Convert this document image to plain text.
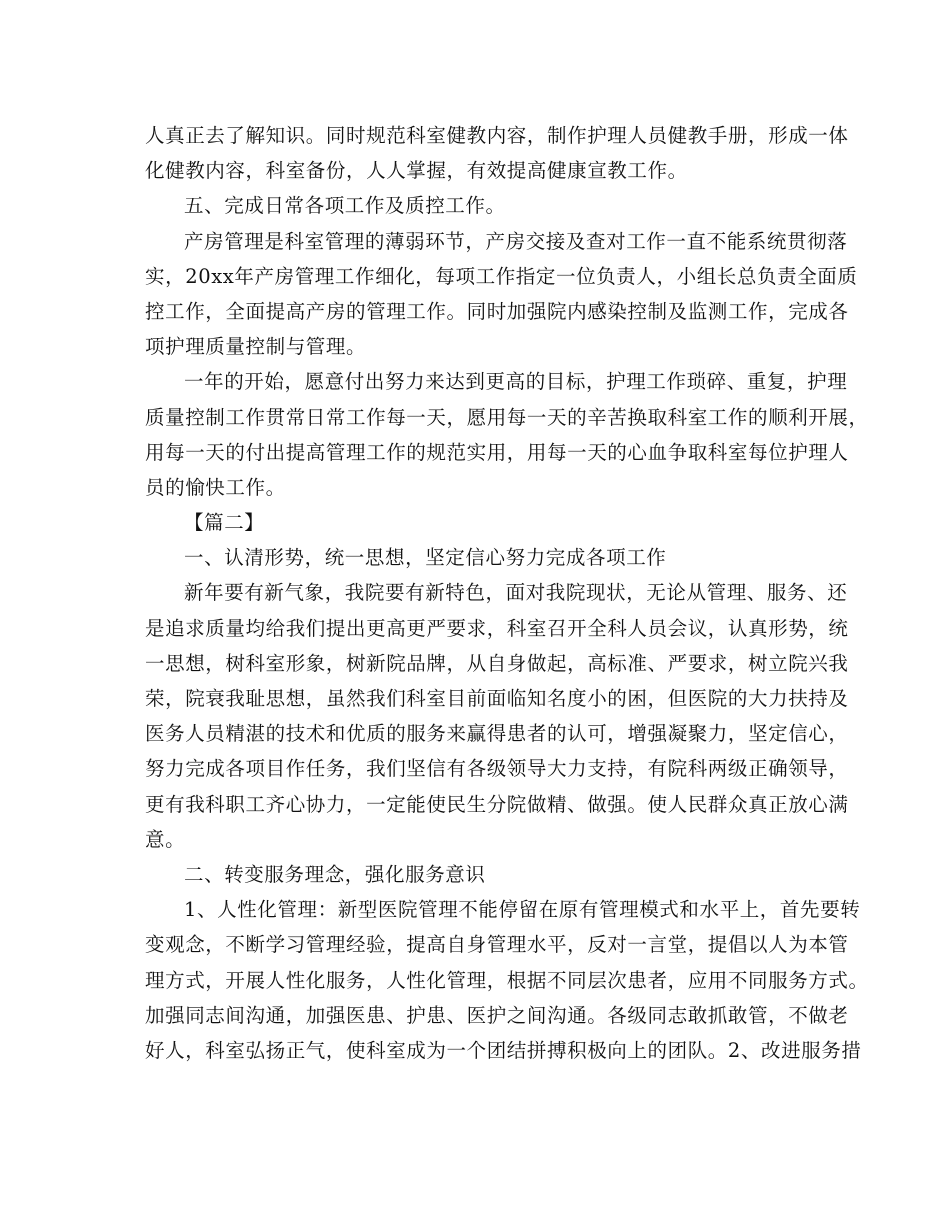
人真正去了解知识。同时规范科室健教内容，制作护理人员健教手册，形成一体
化健教内容，科室备份，人人掌握，有效提高健康宣教工作。
五、完成日常各项工作及质控工作。
产房管理是科室管理的薄弱环节，产房交接及查对工作一直不能系统贯彻落
实，20xx年产房管理工作细化，每项工作指定一位负责人，小组长总负责全面质
控工作，全面提高产房的管理工作。同时加强院内感染控制及监测工作，完成各
项护理质量控制与管理。
一年的开始，愿意付出努力来达到更高的目标，护理工作琐碎、重复，护理
质量控制工作贯常日常工作每一天，愿用每一天的辛苦换取科室工作的顺利开展，
用每一天的付出提高管理工作的规范实用，用每一天的心血争取科室每位护理人
员的愉快工作。
【篇二】
一、认清形势，统一思想，坚定信心努力完成各项工作
新年要有新气象，我院要有新特色，面对我院现状，无论从管理、服务、还
是追求质量均给我们提出更高更严要求，科室召开全科人员会议，认真形势，统
一思想，树科室形象，树新院品牌，从自身做起，高标准、严要求，树立院兴我
荣，院衰我耻思想，虽然我们科室目前面临知名度小的困，但医院的大力扶持及
医务人员精湛的技术和优质的服务来赢得患者的认可，增强凝聚力，坚定信心，
努力完成各项目作任务，我们坚信有各级领导大力支持，有院科两级正确领导，
更有我科职工齐心协力，一定能使民生分院做精、做强。使人民群众真正放心满
意。
二、转变服务理念，强化服务意识
1、人性化管理：新型医院管理不能停留在原有管理模式和水平上，首先要转
变观念，不断学习管理经验，提高自身管理水平，反对一言堂，提倡以人为本管
理方式，开展人性化服务，人性化管理，根据不同层次患者，应用不同服务方式。
加强同志间沟通，加强医患、护患、医护之间沟通。各级同志敢抓敢管，不做老
好人，科室弘扬正气，使科室成为一个团结拼搏积极向上的团队。2、改进服务措
